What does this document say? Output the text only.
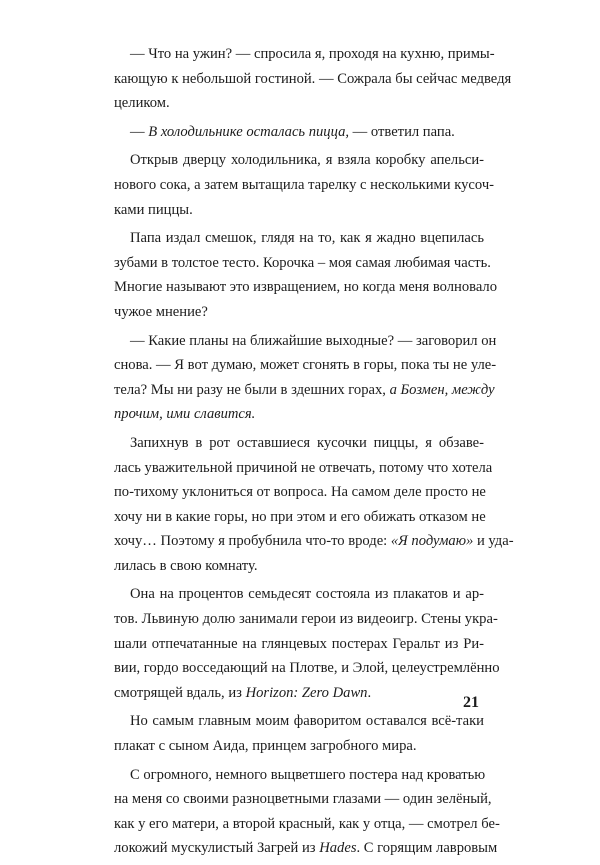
— Что на ужин? — спросила я, проходя на кухню, примы-
кающую к небольшой гостиной. — Сожрала бы сейчас медведя
целиком.
— В холодильнике осталась пицца, — ответил папа.
Открыв дверцу холодильника, я взяла коробку апельси-
нового сока, а затем вытащила тарелку с несколькими кусоч-
ками пиццы.
Папа издал смешок, глядя на то, как я жадно вцепилась
зубами в толстое тесто. Корочка – моя самая любимая часть.
Многие называют это извращением, но когда меня волновало
чужое мнение?
— Какие планы на ближайшие выходные? — заговорил он
снова. — Я вот думаю, может сгонять в горы, пока ты не уле-
тела? Мы ни разу не были в здешних горах, а Бозмен, между
прочим, ими славится.
Запихнув в рот оставшиеся кусочки пиццы, я обзаве-
лась уважительной причиной не отвечать, потому что хотела
по-тихому уклониться от вопроса. На самом деле просто не
хочу ни в какие горы, но при этом и его обижать отказом не
хочу… Поэтому я пробубнила что-то вроде: «Я подумаю» и уда-
лилась в свою комнату.
Она на процентов семьдесят состояла из плакатов и ар-
тов. Львиную долю занимали герои из видеоигр. Стены укра-
шали отпечатанные на глянцевых постерах Геральт из Ри-
вии, гордо восседающий на Плотве, и Элой, целеустремлённо
смотрящей вдаль, из Horizon: Zero Dawn.
Но самым главным моим фаворитом оставался всё-таки
плакат с сыном Аида, принцем загробного мира.
С огромного, немного выцветшего постера над кроватью
на меня со своими разноцветными глазами — один зелёный,
как у его матери, а второй красный, как у отца, — смотрел бе-
локожий мускулистый Загрей из Hades. С горящим лавровым
21
